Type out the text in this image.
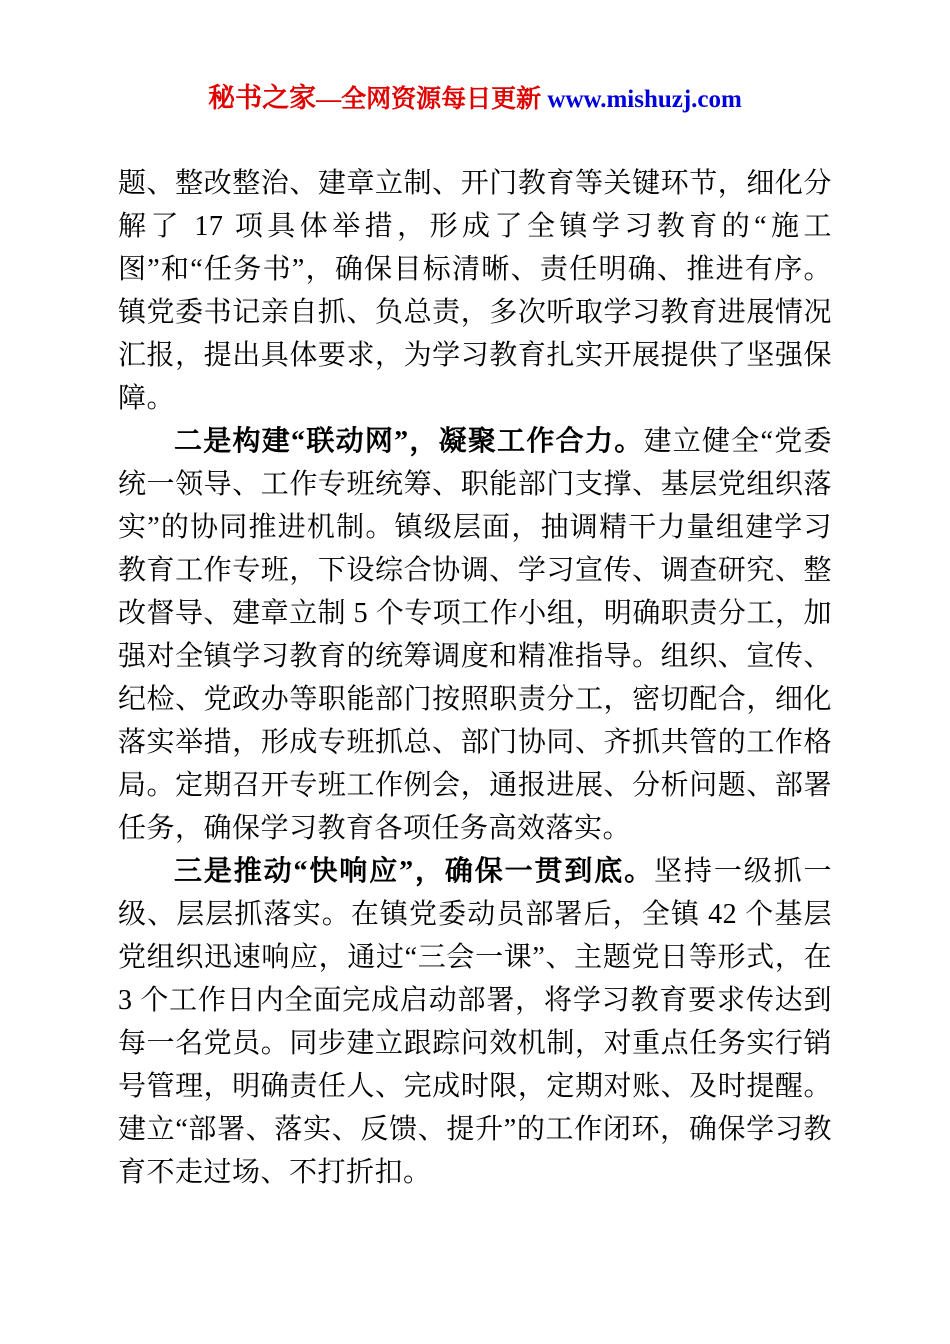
秘书之家—全网资源每日更新 www.mishuzj.com

题、整改整治、建章立制、开门教育等关键环节，细化分解了 17 项具体举措，形成了全镇学习教育的“施工图”和“任务书”，确保目标清晰、责任明确、推进有序。镇党委书记亲自抓、负总责，多次听取学习教育进展情况汇报，提出具体要求，为学习教育扎实开展提供了坚强保障。

二是构建“联动网”，凝聚工作合力。建立健全“党委统一领导、工作专班统筹、职能部门支撑、基层党组织落实”的协同推进机制。镇级层面，抽调精干力量组建学习教育工作专班，下设综合协调、学习宣传、调查研究、整改督导、建章立制 5 个专项工作小组，明确职责分工，加强对全镇学习教育的统筹调度和精准指导。组织、宣传、纪检、党政办等职能部门按照职责分工，密切配合，细化落实举措，形成专班抓总、部门协同、齐抓共管的工作格局。定期召开专班工作例会，通报进展、分析问题、部署任务，确保学习教育各项任务高效落实。

三是推动“快响应”，确保一贯到底。坚持一级抓一级、层层抓落实。在镇党委动员部署后，全镇 42 个基层党组织迅速响应，通过“三会一课”、主题党日等形式，在 3 个工作日内全面完成启动部署，将学习教育要求传达到每一名党员。同步建立跟踪问效机制，对重点任务实行销号管理，明确责任人、完成时限，定期对账、及时提醒。建立“部署、落实、反馈、提升”的工作闭环，确保学习教育不走过场、不打折扣。
